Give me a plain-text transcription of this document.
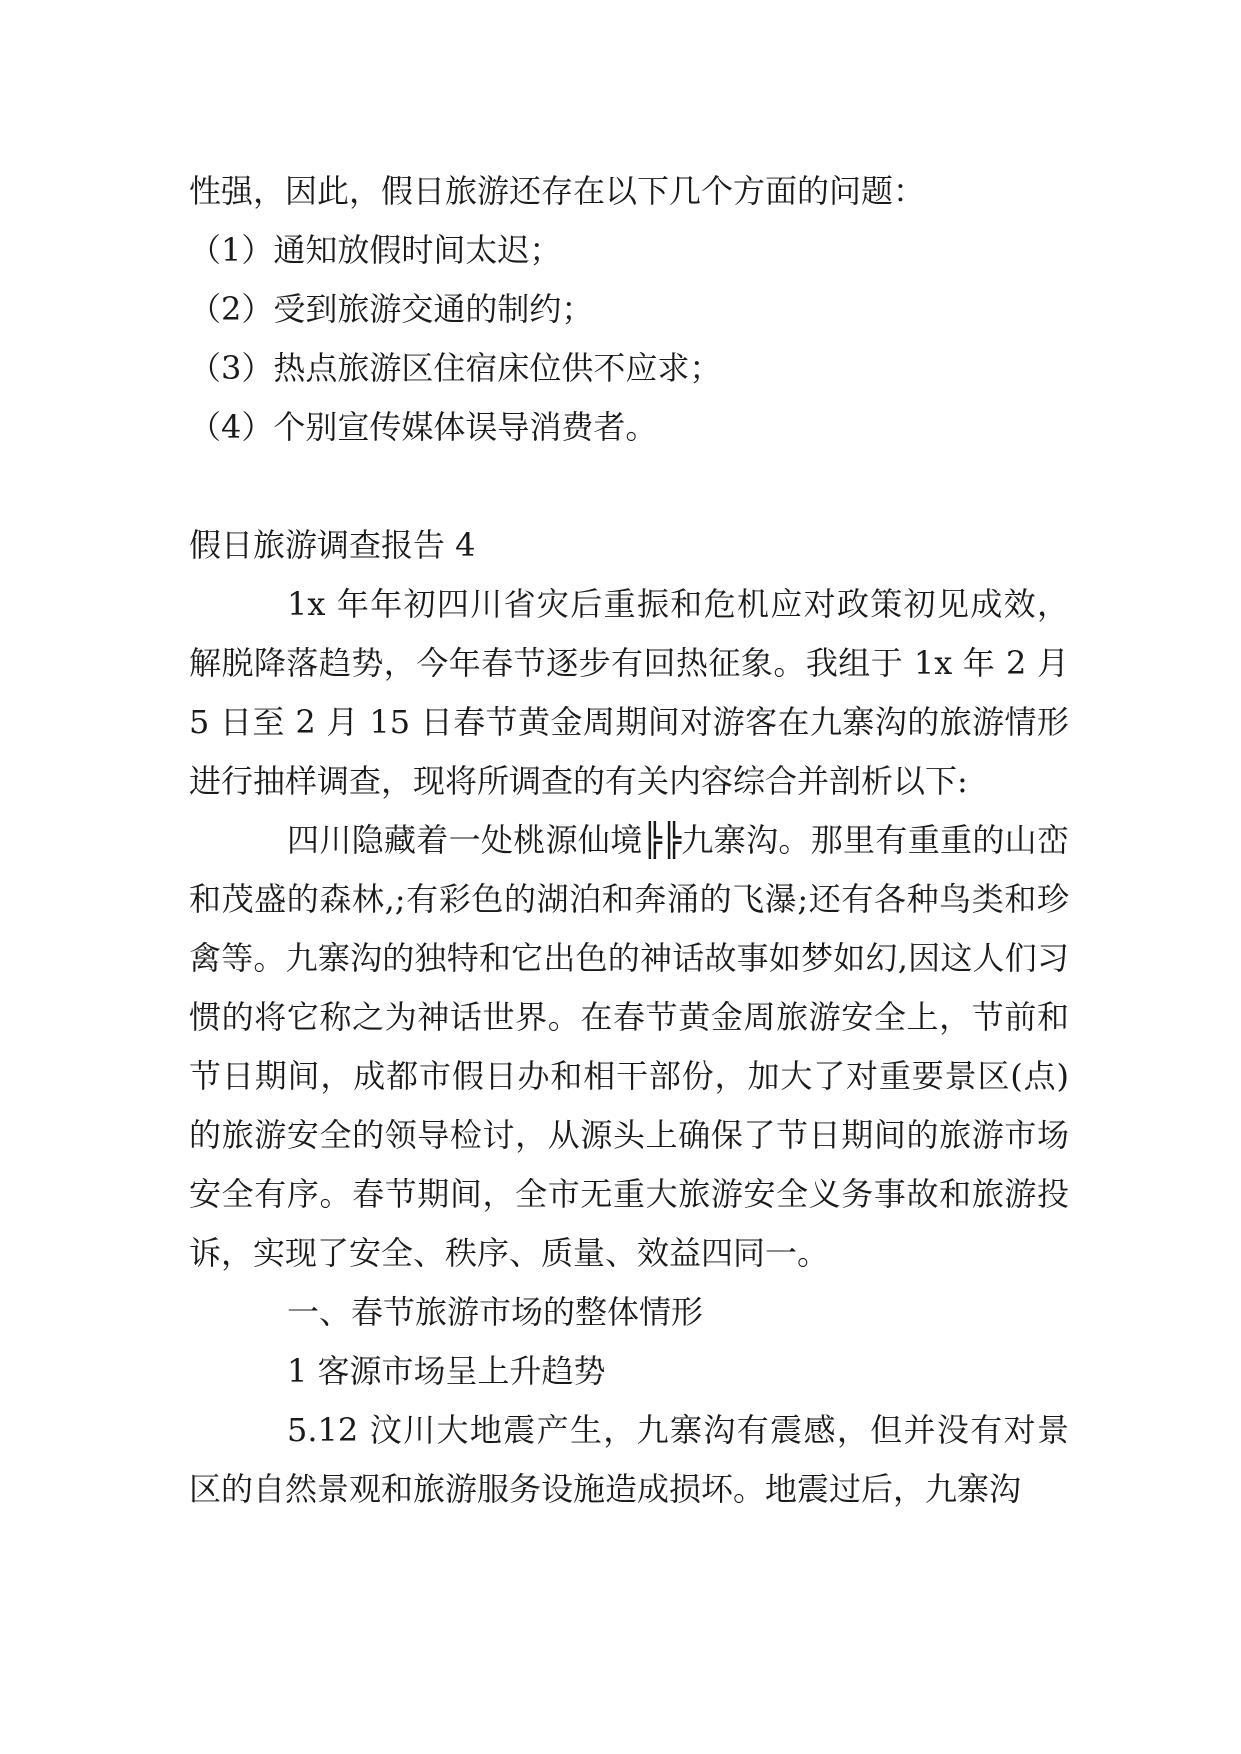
性强，因此，假日旅游还存在以下几个方面的问题：

（1）通知放假时间太迟；

（2）受到旅游交通的制约；

（3）热点旅游区住宿床位供不应求；

（4）个别宣传媒体误导消费者。

假日旅游调查报告 4

1x 年年初四川省灾后重振和危机应对政策初见成效，解脱降落趋势，今年春节逐步有回热征象。我组于 1x 年 2 月 5 日至 2 月 15 日春节黄金周期间对游客在九寨沟的旅游情形进行抽样调查，现将所调查的有关内容综合并剖析以下:

四川隐藏着一处桃源仙境╠╠九寨沟。那里有重重的山峦和茂盛的森林,;有彩色的湖泊和奔涌的飞瀑;还有各种鸟类和珍禽等。九寨沟的独特和它出色的神话故事如梦如幻,因这人们习惯的将它称之为神话世界。在春节黄金周旅游安全上，节前和节日期间，成都市假日办和相干部份，加大了对重要景区(点)的旅游安全的领导检讨，从源头上确保了节日期间的旅游市场安全有序。春节期间，全市无重大旅游安全义务事故和旅游投诉，实现了安全、秩序、质量、效益四同一。

一、春节旅游市场的整体情形

1 客源市场呈上升趋势

5.12 汶川大地震产生，九寨沟有震感，但并没有对景区的自然景观和旅游服务设施造成损坏。地震过后，九寨沟
